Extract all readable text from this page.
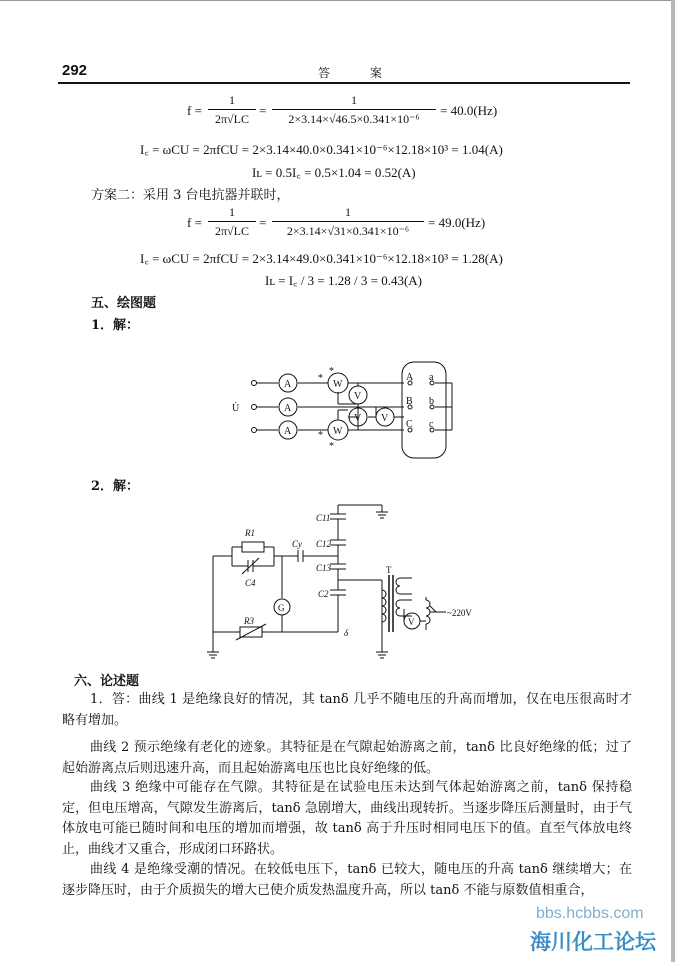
292	答 案
f =
1
2π√LC
=
1
2×3.14×√46.5×0.341×10⁻⁶
= 40.0(Hz)
I꜀ = ωCU = 2πfCU = 2×3.14×40.0×0.341×10⁻⁶×12.18×10³ = 1.04(A)
Iʟ = 0.5I꜀ = 0.5×1.04 = 0.52(A)
方案二：采用 3 台电抗器并联时，
f =
1
2π√LC
=
1
2×3.14×√31×0.341×10⁻⁶
= 49.0(Hz)
I꜀ = ωCU = 2πfCU = 2×3.14×49.0×0.341×10⁻⁶×12.18×10³ = 1.28(A)
Iʟ = I꜀ / 3 = 1.28 / 3 = 0.43(A)
五、绘图题
1．解：
U̇
A
A
A
W
W
V
V V
*
*
*
*
A
B
C
a
b
c
2．解：
C11
C12
C13
C2
Cy
R1
C4
R3
G
T
V
δ
~220V
六、论述题
1．答：曲线 1 是绝缘良好的情况，其 tanδ 几乎不随电压的升高而增加，仅在电压很高时才略有增加。
曲线 2 预示绝缘有老化的迹象。其特征是在气隙起始游离之前，tanδ 比良好绝缘的低；过了起始游离点后则迅速升高，而且起始游离电压也比良好绝缘的低。
曲线 3 绝缘中可能存在气隙。其特征是在试验电压未达到气体起始游离之前，tanδ 保持稳定，但电压增高，气隙发生游离后，tanδ 急剧增大，曲线出现转折。当逐步降压后测量时，由于气体放电可能已随时间和电压的增加而增强，故 tanδ 高于升压时相同电压下的值。直至气体放电终止，曲线才又重合，形成闭口环路状。
曲线 4 是绝缘受潮的情况。在较低电压下，tanδ 已较大，随电压的升高 tanδ 继续增大；在逐步降压时，由于介质损失的增大已使介质发热温度升高，所以 tanδ 不能与原数值相重合，
bbs.hcbbs.com
海川化工论坛
